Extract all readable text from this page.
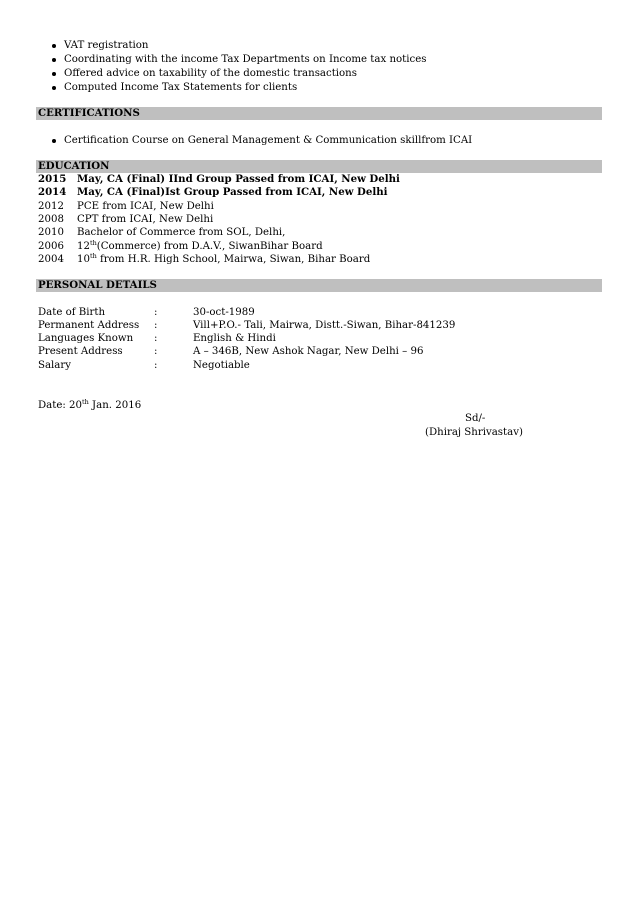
VAT registration
Coordinating with the income Tax Departments on Income tax notices
Offered advice on taxability of the domestic transactions
Computed Income Tax Statements for clients
CERTIFICATIONS
Certification Course on General Management & Communication skillfrom ICAI
EDUCATION
2015 May, CA (Final) IInd Group Passed from ICAI, New Delhi
2014 May, CA (Final)Ist Group Passed from ICAI, New Delhi
2012 PCE from ICAI, New Delhi
2008 CPT from ICAI, New Delhi
2010 Bachelor of Commerce from SOL, Delhi,
2006 12th(Commerce) from D.A.V., SiwanBihar Board
2004 10th from H.R. High School, Mairwa, Siwan, Bihar Board
PERSONAL DETAILS
Date of Birth	:	30-oct-1989
Permanent Address :	Vill+P.O.- Tali, Mairwa, Distt.-Siwan, Bihar-841239
Languages Known :	English & Hindi
Present Address	:	A – 346B, New Ashok Nagar, New Delhi – 96
Salary	:	Negotiable
Date: 20th Jan. 2016
Sd/-
(Dhiraj Shrivastav)
